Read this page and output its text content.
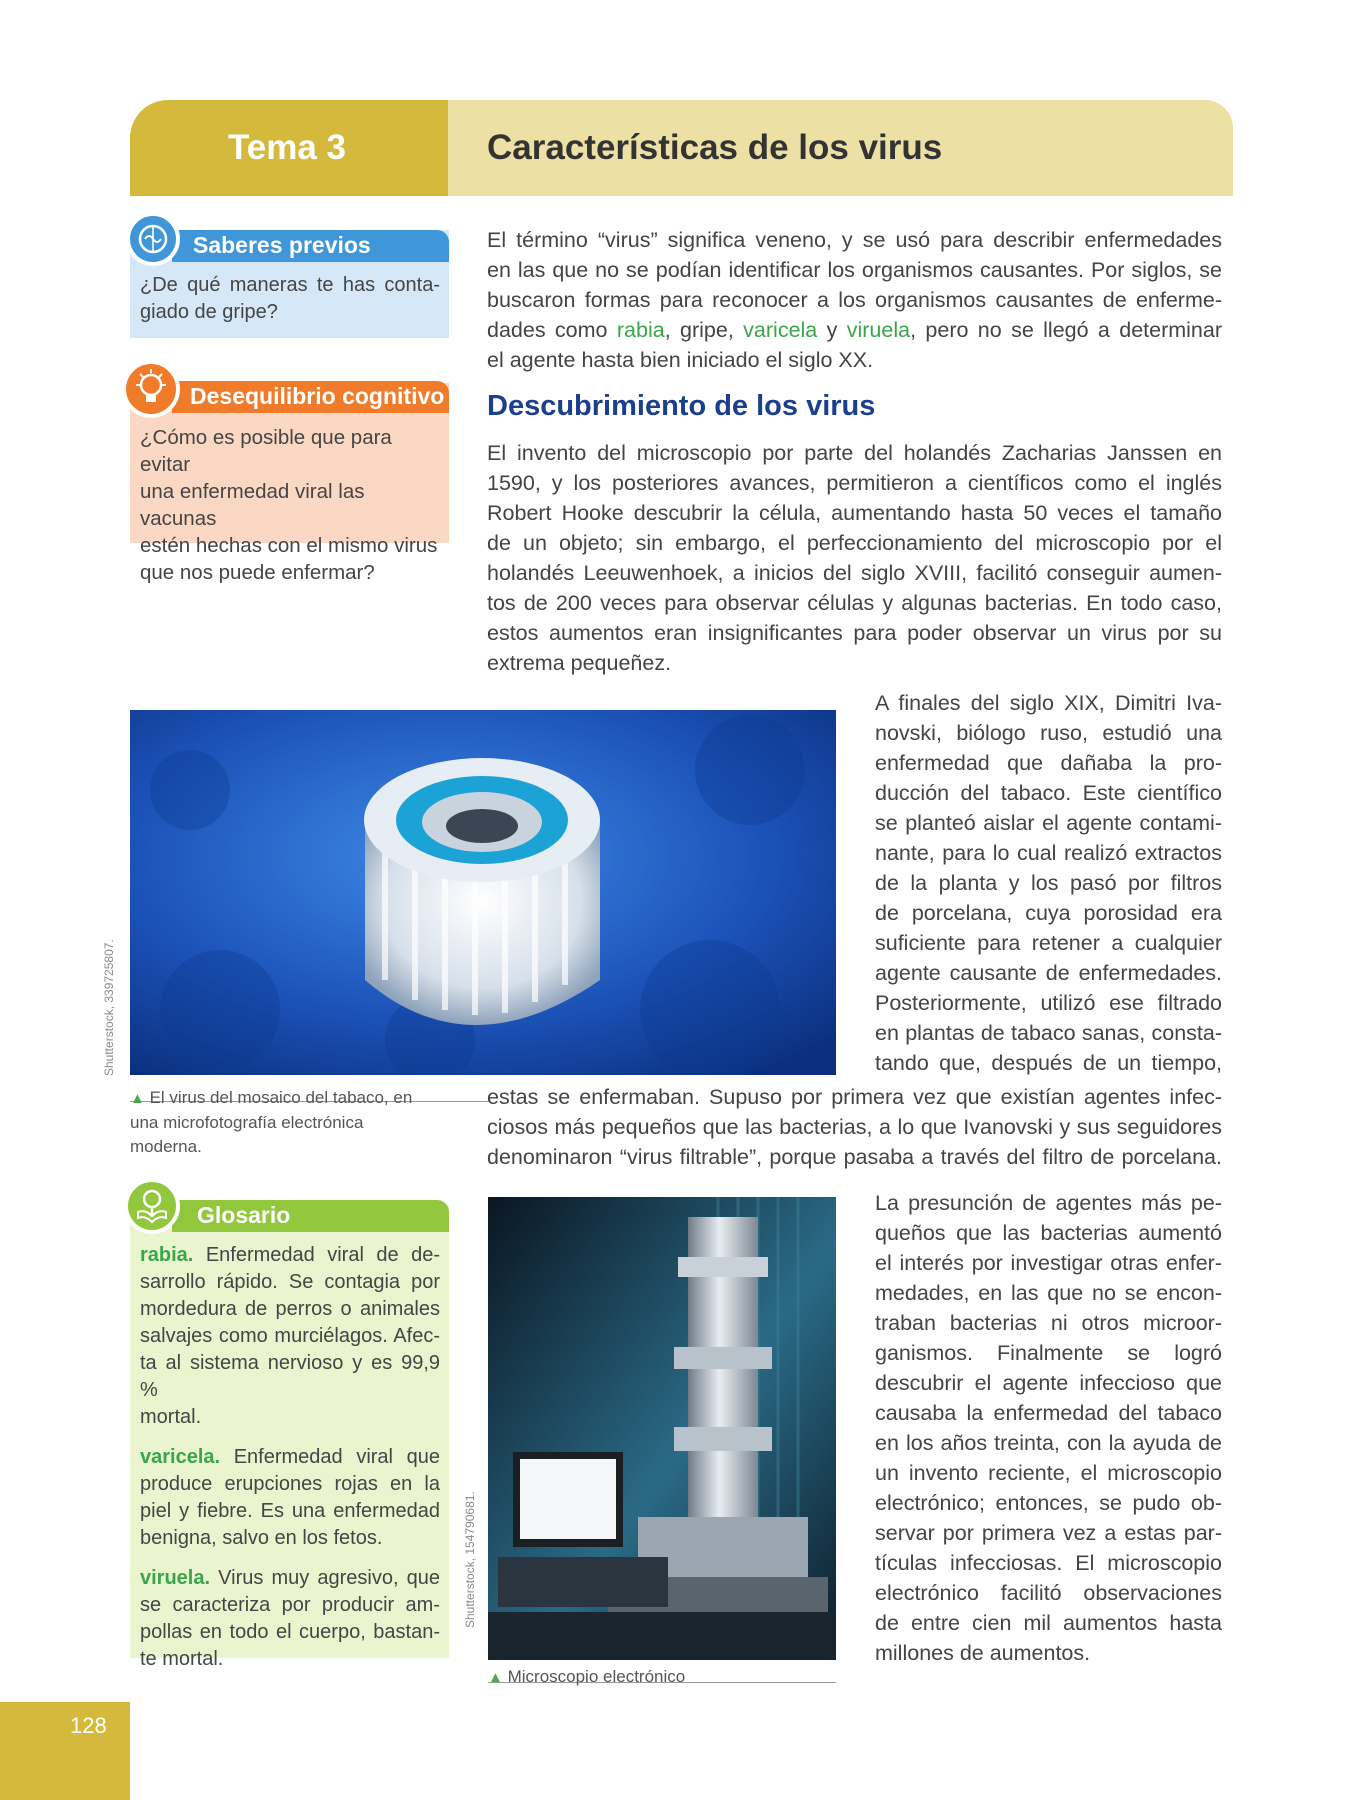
Tema 3	Características de los virus
Saberes previos
¿De qué maneras te has conta-
giado de gripe?
Desequilibrio cognitivo
¿Cómo es posible que para evitar
una enfermedad viral las vacunas
estén hechas con el mismo virus
que nos puede enfermar?
El término “virus” significa veneno, y se usó para describir enfermedades
en las que no se podían identificar los organismos causantes. Por siglos, se
buscaron formas para reconocer a los organismos causantes de enferme-
dades como rabia, gripe, varicela y viruela, pero no se llegó a determinar
el agente hasta bien iniciado el siglo XX.
Descubrimiento de los virus
El invento del microscopio por parte del holandés Zacharias Janssen en
1590, y los posteriores avances, permitieron a científicos como el inglés
Robert Hooke descubrir la célula, aumentando hasta 50 veces el tamaño
de un objeto; sin embargo, el perfeccionamiento del microscopio por el
holandés Leeuwenhoek, a inicios del siglo XVIII, facilitó conseguir aumen-
tos de 200 veces para observar células y algunas bacterias. En todo caso,
estos aumentos eran insignificantes para poder observar un virus por su
extrema pequeñez.
Shutterstock, 339725807.
▲ El virus del mosaico del tabaco, en
una microfotografía electrónica
moderna.
A finales del siglo XIX, Dimitri Iva-
novski, biólogo ruso, estudió una
enfermedad que dañaba la pro-
ducción del tabaco. Este científico
se planteó aislar el agente contami-
nante, para lo cual realizó extractos
de la planta y los pasó por filtros
de porcelana, cuya porosidad era
suficiente para retener a cualquier
agente causante de enfermedades.
Posteriormente, utilizó ese filtrado
en plantas de tabaco sanas, consta-
tando que, después de un tiempo,
estas se enfermaban. Supuso por primera vez que existían agentes infec-
ciosos más pequeños que las bacterias, a lo que Ivanovski y sus seguidores
denominaron “virus filtrable”, porque pasaba a través del filtro de porcelana.
Glosario
rabia. Enfermedad viral de de-
sarrollo rápido. Se contagia por
mordedura de perros o animales
salvajes como murciélagos. Afec-
ta al sistema nervioso y es 99,9 %
mortal.
varicela. Enfermedad viral que
produce erupciones rojas en la
piel y fiebre. Es una enfermedad
benigna, salvo en los fetos.
viruela. Virus muy agresivo, que
se caracteriza por producir am-
pollas en todo el cuerpo, bastan-
te mortal.
Shutterstock, 154790681.
▲ Microscopio electrónico
La presunción de agentes más pe-
queños que las bacterias aumentó
el interés por investigar otras enfer-
medades, en las que no se encon-
traban bacterias ni otros microor-
ganismos. Finalmente se logró
descubrir el agente infeccioso que
causaba la enfermedad del tabaco
en los años treinta, con la ayuda de
un invento reciente, el microscopio
electrónico; entonces, se pudo ob-
servar por primera vez a estas par-
tículas infecciosas. El microscopio
electrónico facilitó observaciones
de entre cien mil aumentos hasta
millones de aumentos.
128
